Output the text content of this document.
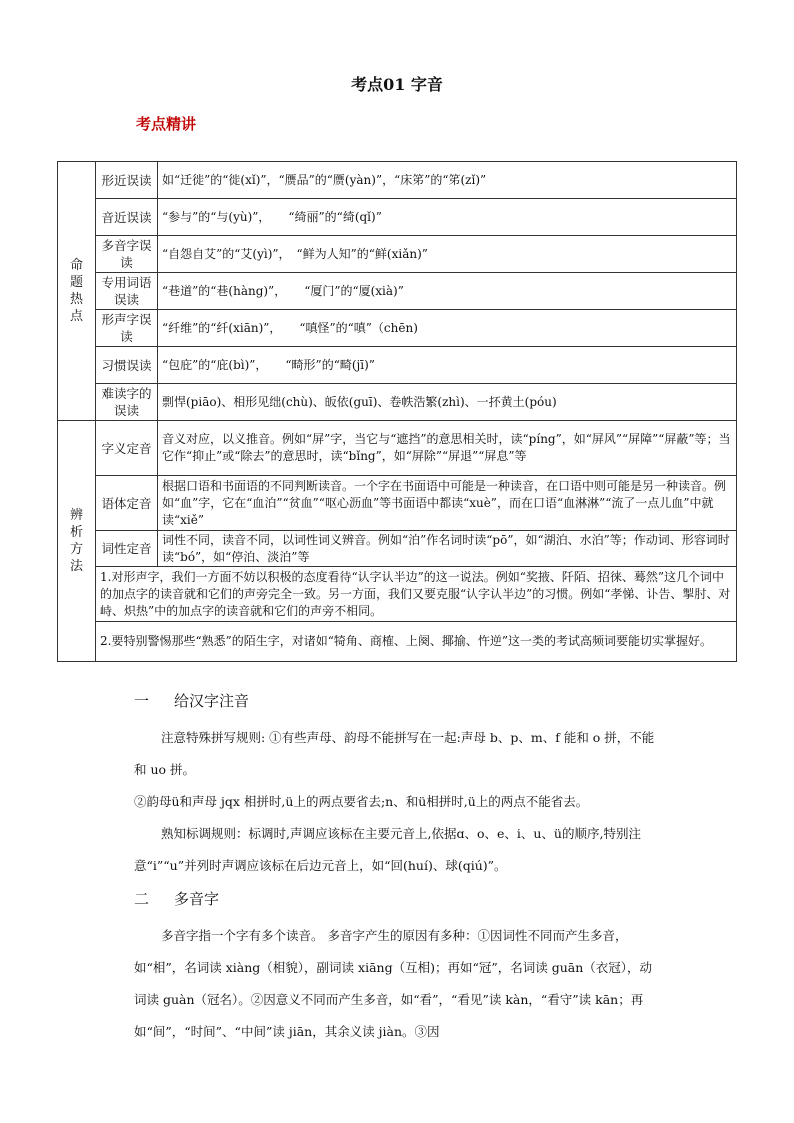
考点01 字音
考点精讲
命
题
热
点	形近误读	如“迁徙”的“徙(xǐ)”，“赝品”的“赝(yàn)”，“床笫”的“笫(zǐ)”
	音近误读	“参与”的“与(yù)”，　　“绮丽”的“绮(qǐ)”
	多音字误读	“自怨自艾”的“艾(yì)”，　“鲜为人知”的“鲜(xiǎn)”
	专用词语误读	“巷道”的“巷(hàng)”，　　“厦门”的“厦(xià)”
	形声字误读	“纤维”的“纤(xiān)”，　　“嗔怪”的“嗔”（chēn)
	习惯误读	“包庇”的“庇(bì)”，　　“畸形”的“畸(jī)”
	难读字的误读	剽悍(piāo)、相形见绌(chù)、皈依(guī)、卷帙浩繁(zhì)、一抔黄土(póu)

辨
析
方
法	字义定音	音义对应，以义推音。例如“屏”字，当它与“遮挡”的意思相关时，读“píng”，如“屏风”“屏障”“屏蔽”等；当它作“抑止”或“除去”的意思时，读“bǐng”，如“屏除”“屏退”“屏息”等
	语体定音	根据口语和书面语的不同判断读音。一个字在书面语中可能是一种读音，在口语中则可能是另一种读音。例如“血”字，它在“血泊”“贫血”“呕心沥血”等书面语中都读“xuè”，而在口语“血淋淋”“流了一点儿血”中就读“xiě”
	词性定音	词性不同，读音不同，以词性词义辨音。例如“泊”作名词时读“pō”，如“湖泊、水泊”等；作动词、形容词时读“bó”，如“停泊、淡泊”等
	1.对形声字，我们一方面不妨以积极的态度看待“认字认半边”的这一说法。例如“奖掖、阡陌、招徕、蓦然”这几个词中的加点字的读音就和它们的声旁完全一致。另一方面，我们又要克服“认字认半边”的习惯。例如“孝悌、讣告、掣肘、对峙、炽热”中的加点字的读音就和它们的声旁不相同。	
	2.要特别警惕那些“熟悉”的陌生字，对诸如“犄角、商榷、上阕、揶揄、忤逆”这一类的考试高频词要能切实掌握好。	
一 给汉字注音

注意特殊拼写规则: ①有些声母、韵母不能拼写在一起:声母 b、p、m、f 能和 o 拼，不能和 uo 拼。

②韵母ü和声母 jqx 相拼时,ü上的两点要省去;n、和ü相拼时,ü上的两点不能省去。

熟知标调规则：标调时,声调应该标在主要元音上,依据ɑ、o、e、i、u、ü的顺序,特别注意“i”“u”并列时声调应该标在后边元音上，如“回(huí)、球(qiú)”。

二 多音字

多音字指一个字有多个读音。 多音字产生的原因有多种：①因词性不同而产生多音，如“相”，名词读 xiàng（相貌），副词读 xiāng（互相)；再如“冠”，名词读 guān（衣冠），动词读 guàn（冠名）。②因意义不同而产生多音，如“看”，“看见”读 kàn，“看守”读 kān；再如“间”，“时间”、“中间”读 jiān，其余义读 jiàn。③因
